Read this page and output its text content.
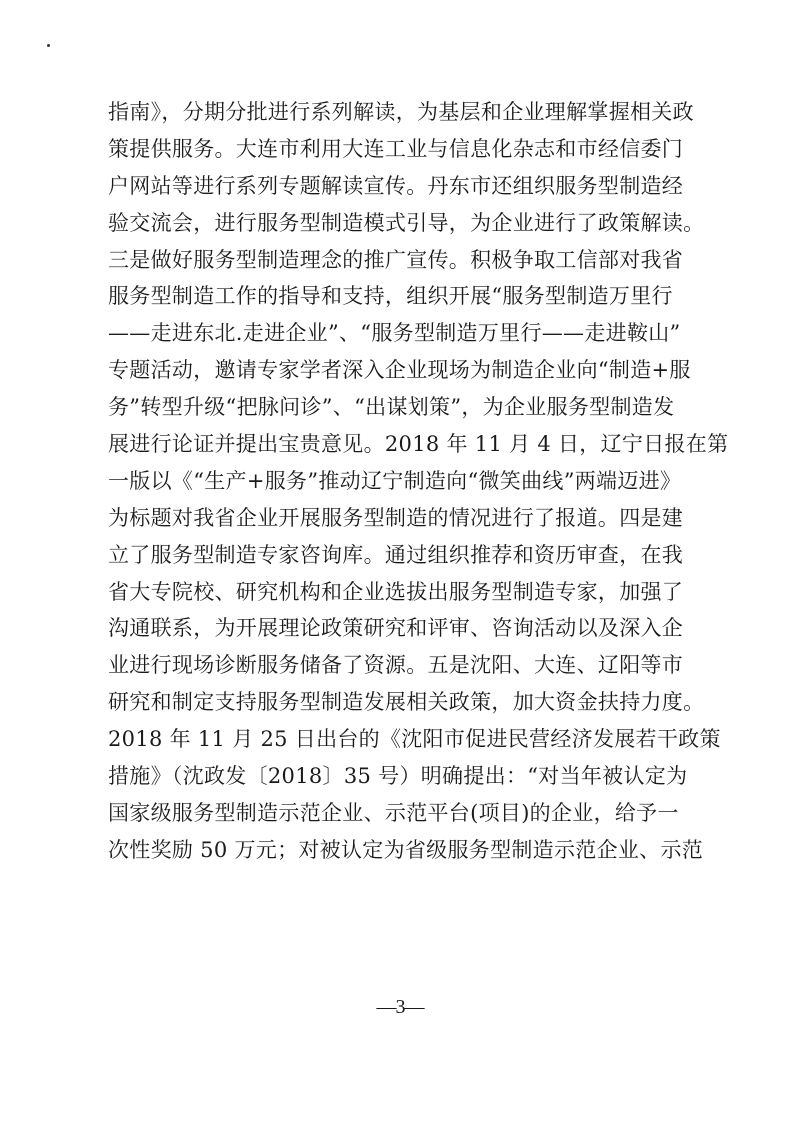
指南》，分期分批进行系列解读，为基层和企业理解掌握相关政
策提供服务。大连市利用大连工业与信息化杂志和市经信委门
户网站等进行系列专题解读宣传。丹东市还组织服务型制造经
验交流会，进行服务型制造模式引导，为企业进行了政策解读。
三是做好服务型制造理念的推广宣传。积极争取工信部对我省
服务型制造工作的指导和支持，组织开展“服务型制造万里行
——走进东北.走进企业”、“服务型制造万里行——走进鞍山”
专题活动，邀请专家学者深入企业现场为制造企业向“制造+服
务”转型升级“把脉问诊”、“出谋划策”，为企业服务型制造发
展进行论证并提出宝贵意见。2018 年 11 月 4 日，辽宁日报在第
一版以《“生产+服务”推动辽宁制造向“微笑曲线”两端迈进》
为标题对我省企业开展服务型制造的情况进行了报道。四是建
立了服务型制造专家咨询库。通过组织推荐和资历审查，在我
省大专院校、研究机构和企业选拔出服务型制造专家，加强了
沟通联系，为开展理论政策研究和评审、咨询活动以及深入企
业进行现场诊断服务储备了资源。五是沈阳、大连、辽阳等市
研究和制定支持服务型制造发展相关政策，加大资金扶持力度。
2018 年 11 月 25 日出台的《沈阳市促进民营经济发展若干政策
措施》（沈政发〔2018〕35 号）明确提出：“对当年被认定为
国家级服务型制造示范企业、示范平台(项目)的企业，给予一
次性奖励 50 万元；对被认定为省级服务型制造示范企业、示范
—3—
